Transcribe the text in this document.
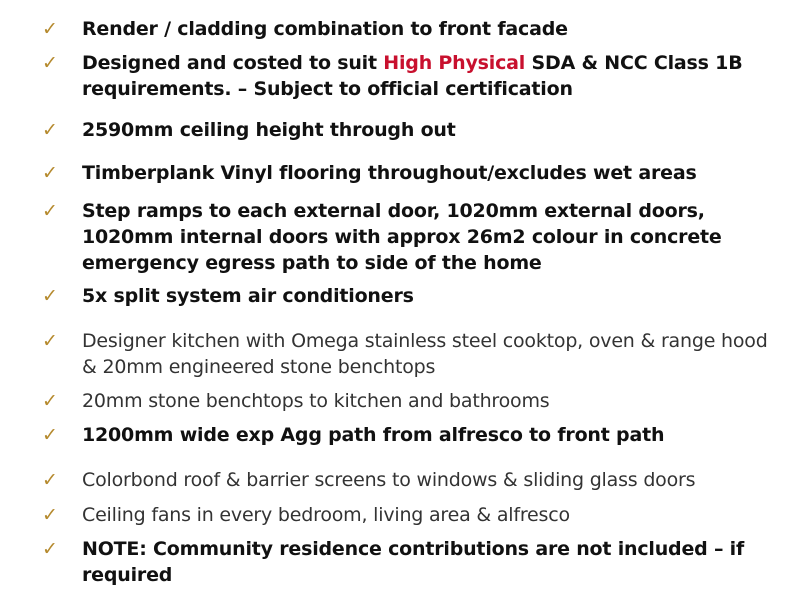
✓ Render / cladding combination to front facade
✓ Designed and costed to suit High Physical SDA & NCC Class 1B requirements. – Subject to official certification
✓ 2590mm ceiling height through out
✓ Timberplank Vinyl flooring throughout/excludes wet areas
✓ Step ramps to each external door, 1020mm external doors, 1020mm internal doors with approx 26m2 colour in concrete emergency egress path to side of the home
✓ 5x split system air conditioners
✓ Designer kitchen with Omega stainless steel cooktop, oven & range hood & 20mm engineered stone benchtops
✓ 20mm stone benchtops to kitchen and bathrooms
✓ 1200mm wide exp Agg path from alfresco to front path
✓ Colorbond roof & barrier screens to windows & sliding glass doors
✓ Ceiling fans in every bedroom, living area & alfresco
✓ NOTE: Community residence contributions are not included – if required
